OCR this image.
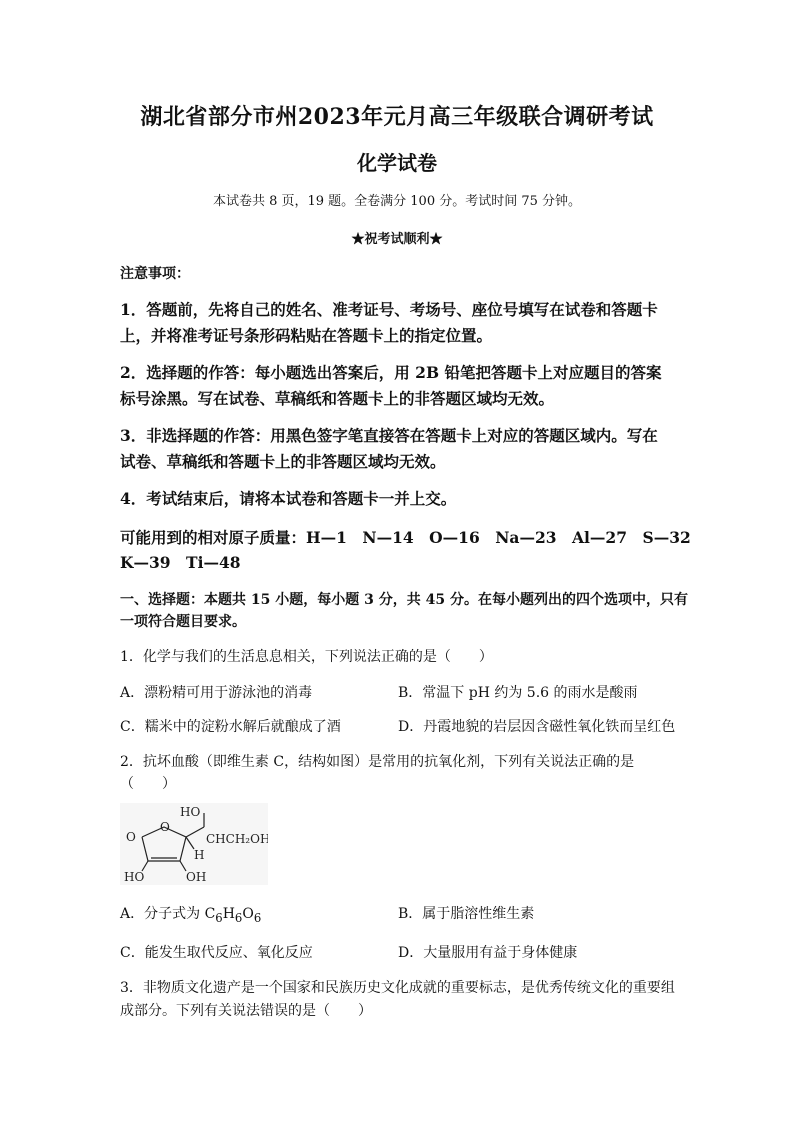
湖北省部分市州2023年元月高三年级联合调研考试
化学试卷
本试卷共 8 页，19 题。全卷满分 100 分。考试时间 75 分钟。
★祝考试顺利★
注意事项：
1．答题前，先将自己的姓名、准考证号、考场号、座位号填写在试卷和答题卡
上，并将准考证号条形码粘贴在答题卡上的指定位置。
2．选择题的作答：每小题选出答案后，用 2B 铅笔把答题卡上对应题目的答案
标号涂黑。写在试卷、草稿纸和答题卡上的非答题区域均无效。
3．非选择题的作答：用黑色签字笔直接答在答题卡上对应的答题区域内。写在
试卷、草稿纸和答题卡上的非答题区域均无效。
4．考试结束后，请将本试卷和答题卡一并上交。
可能用到的相对原子质量：H—1　N—14　O—16　Na—23　Al—27　S—32
K—39　Ti—48
一、选择题：本题共 15 小题，每小题 3 分，共 45 分。在每小题列出的四个选项中，只有
一项符合题目要求。
1．化学与我们的生活息息相关，下列说法正确的是（　　）
A．漂粉精可用于游泳池的消毒	B．常温下 pH 约为 5.6 的雨水是酸雨
C．糯米中的淀粉水解后就酿成了酒	D．丹霞地貌的岩层因含磁性氧化铁而呈红色
2．抗坏血酸（即维生素 C，结构如图）是常用的抗氧化剂，下列有关说法正确的是
（　　）
HO
CHCH₂OH
O
O
H
HO	OH
A．分子式为 $C_6H_6O_6$	B．属于脂溶性维生素
C．能发生取代反应、氧化反应	D．大量服用有益于身体健康
3．非物质文化遗产是一个国家和民族历史文化成就的重要标志，是优秀传统文化的重要组
成部分。下列有关说法错误的是（　　）
